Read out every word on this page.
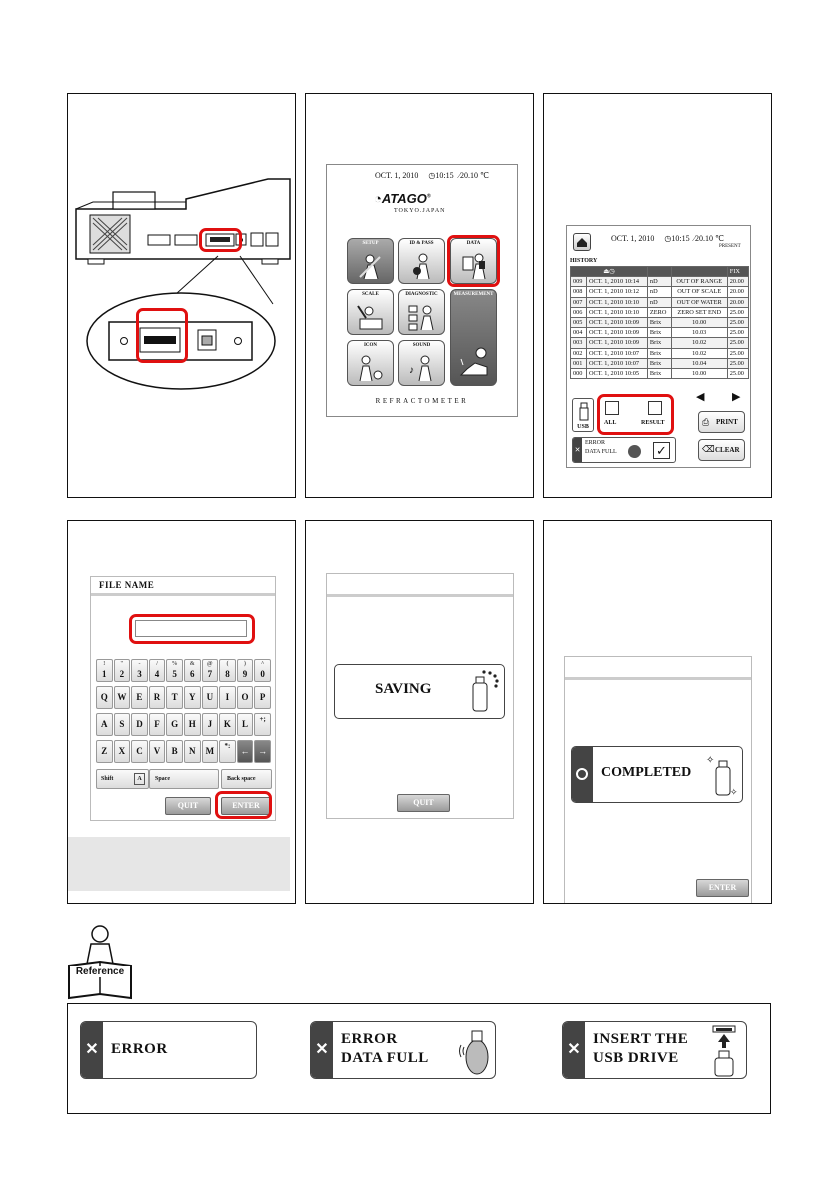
OCT. 1, 2010 ◷10:15 ∕20.10 ℃
◔ATAGO®
TOKYO.JAPAN
SETUP	ID & PASS	DATA
SCALE	DIAGNOSTIC	MEASUREMENT
ICON	SOUND
♪
REFRACTOMETER
OCT. 1, 2010 ◷10:15 ∕20.10 ℃
PRESENT
HISTORY
⏏◷				FIX
009	OCT. 1, 2010 10:14	nD	OUT OF RANGE	20.00
008	OCT. 1, 2010 10:12	nD	OUT OF SCALE	20.00
007	OCT. 1, 2010 10:10	nD	OUT OF WATER	20.00
006	OCT. 1, 2010 10:10	ZERO	ZERO SET END	25.00
005	OCT. 1, 2010 10:09	Brix	10.00	25.00
004	OCT. 1, 2010 10:09	Brix	10.03	25.00
003	OCT. 1, 2010 10:09	Brix	10.02	25.00
002	OCT. 1, 2010 10:07	Brix	10.02	25.00
001	OCT. 1, 2010 10:07	Brix	10.04	25.00
000	OCT. 1, 2010 10:05	Brix	10.00	25.00
◀	▶
USB
ALL	RESULT	⎙ PRINT
✕
ERROR
DATA FULL	✓	⌫ CLEAR
FILE NAME
!
1
"
2
-
3
/
4
%
5
&
6
@
7
(
8
)
9
^
0
Q	W	E	R	T	Y	U	I	O	P
A	S	D	F	G	H	J	K	L	+;
Z	X	C	V	B	N	M	*:	← →
Shift	A	Space	Back space
QUIT	ENTER
SAVING
QUIT
COMPLETED
✧
✧
ENTER
Reference
✕ ERROR	✕
ERROR
DATA FULL	✕
INSERT THE
USB DRIVE
